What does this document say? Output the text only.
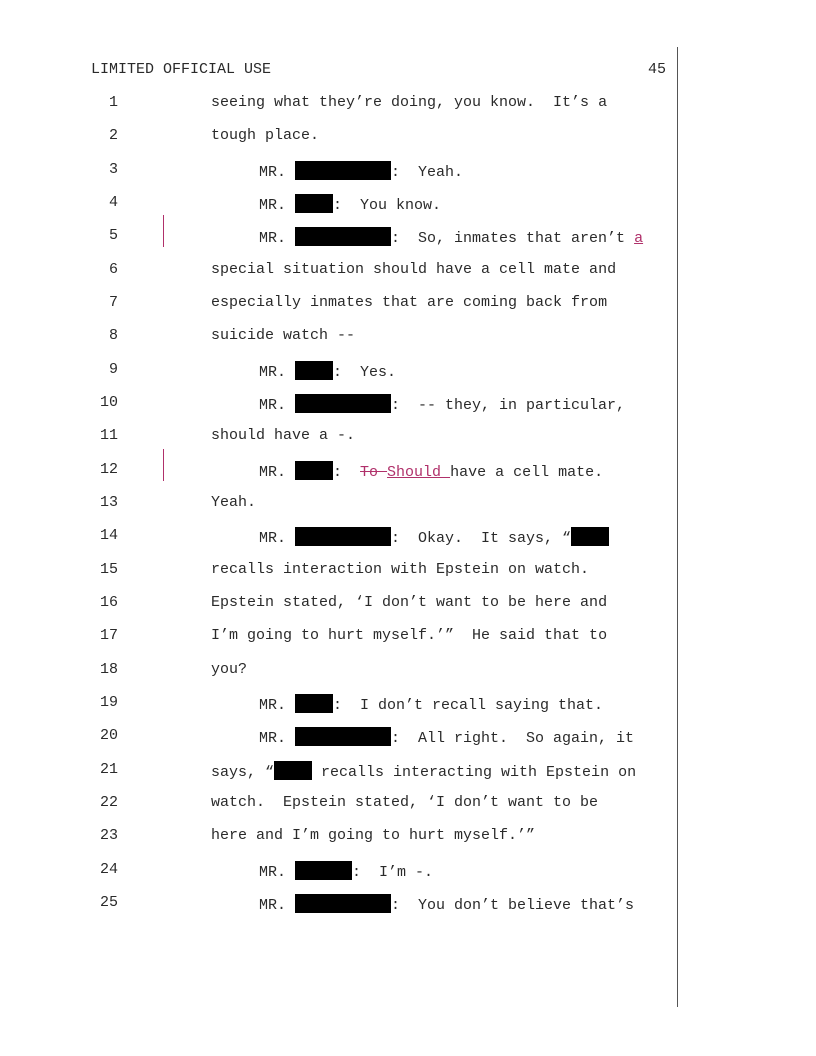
LIMITED OFFICIAL USE	45
1	seeing what they’re doing, you know.  It’s a
2	tough place.
3	MR.	:  Yeah.
4	MR.	:  You know.
5	MR.	:  So, inmates that aren’t a
6	special situation should have a cell mate and
7	especially inmates that are coming back from
8	suicide watch --
9	MR.	:  Yes.
10	MR.	:  -- they, in particular,
11	should have a -.
12	MR.	:  To Should have a cell mate.
13	Yeah.
14	MR.	:  Okay.  It says, “
15	recalls interaction with Epstein on watch.
16	Epstein stated, ‘I don’t want to be here and
17	I’m going to hurt myself.’”  He said that to
18	you?
19	MR.	:  I don’t recall saying that.
20	MR.	:  All right.  So again, it
21	says, “	recalls interacting with Epstein on
22	watch.  Epstein stated, ‘I don’t want to be
23	here and I’m going to hurt myself.’”
24	MR.	:  I’m -.
25	MR.	:  You don’t believe that’s
